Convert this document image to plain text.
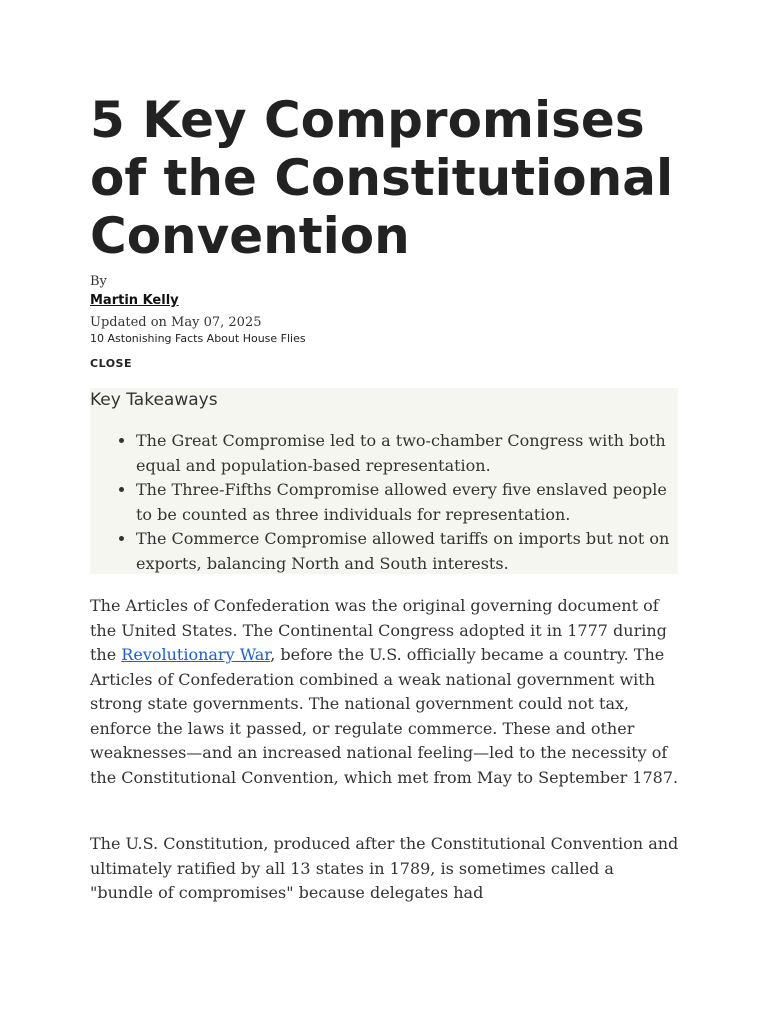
5 Key Compromises of the Constitutional Convention
By
Martin Kelly
Updated on May 07, 2025
10 Astonishing Facts About House Flies
CLOSE
Key Takeaways
• The Great Compromise led to a two-chamber Congress with both equal and population-based representation.
• The Three-Fifths Compromise allowed every five enslaved people to be counted as three individuals for representation.
• The Commerce Compromise allowed tariffs on imports but not on exports, balancing North and South interests.

The Articles of Confederation was the original governing document of the United States. The Continental Congress adopted it in 1777 during the Revolutionary War, before the U.S. officially became a country. The Articles of Confederation combined a weak national government with strong state governments. The national government could not tax, enforce the laws it passed, or regulate commerce. These and other weaknesses—and an increased national feeling—led to the necessity of the Constitutional Convention, which met from May to September 1787.

The U.S. Constitution, produced after the Constitutional Convention and ultimately ratified by all 13 states in 1789, is sometimes called a "bundle of compromises" because delegates had
